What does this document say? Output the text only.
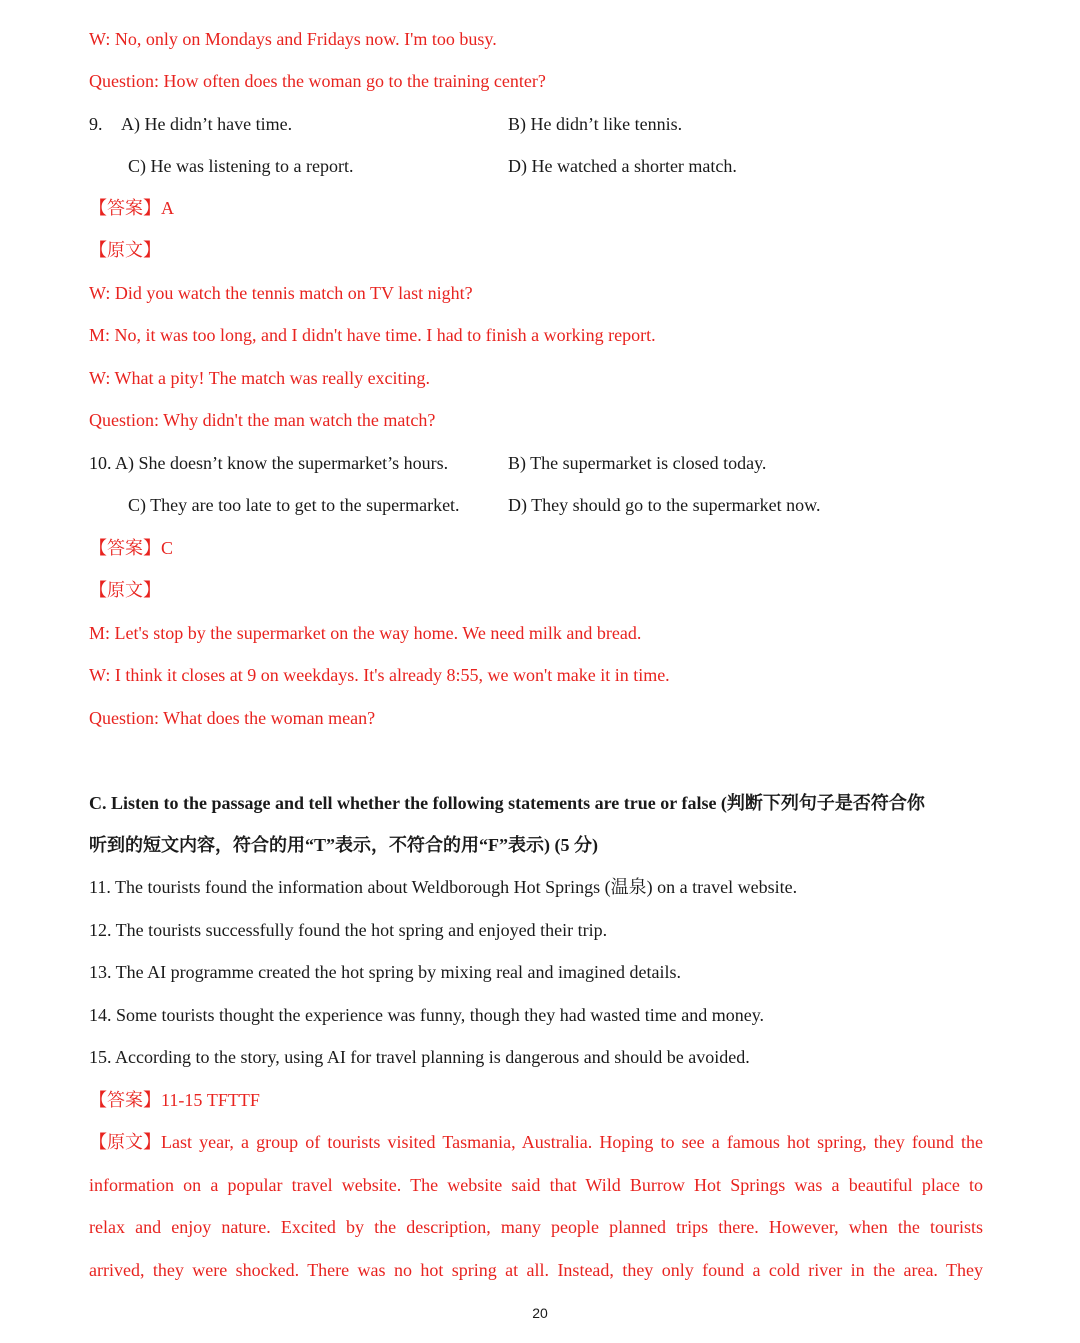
W: No, only on Mondays and Fridays now. I'm too busy.
Question: How often does the woman go to the training center?
9. A) He didn’t have time.	B) He didn’t like tennis.
C) He was listening to a report.	D) He watched a shorter match.
【答案】A
【原文】
W: Did you watch the tennis match on TV last night?
M: No, it was too long, and I didn't have time. I had to finish a working report.
W: What a pity! The match was really exciting.
Question: Why didn't the man watch the match?
10. A) She doesn’t know the supermarket’s hours.	B) The supermarket is closed today.
C) They are too late to get to the supermarket.	D) They should go to the supermarket now.
【答案】C
【原文】
M: Let's stop by the supermarket on the way home. We need milk and bread.
W: I think it closes at 9 on weekdays. It's already 8:55, we won't make it in time.
Question: What does the woman mean?
C. Listen to the passage and tell whether the following statements are true or false (判断下列句子是否符合你
听到的短文内容，符合的用“T”表示，不符合的用“F”表示) (5 分)
11. The tourists found the information about Weldborough Hot Springs (温泉) on a travel website.
12. The tourists successfully found the hot spring and enjoyed their trip.
13. The AI programme created the hot spring by mixing real and imagined details.
14. Some tourists thought the experience was funny, though they had wasted time and money.
15. According to the story, using AI for travel planning is dangerous and should be avoided.
【答案】11-15 TFTTF
【原文】Last year, a group of tourists visited Tasmania, Australia. Hoping to see a famous hot spring, they found the
information on a popular travel website. The website said that Wild Burrow Hot Springs was a beautiful place to
relax and enjoy nature. Excited by the description, many people planned trips there. However, when the tourists
arrived, they were shocked. There was no hot spring at all. Instead, they only found a cold river in the area. They
20
